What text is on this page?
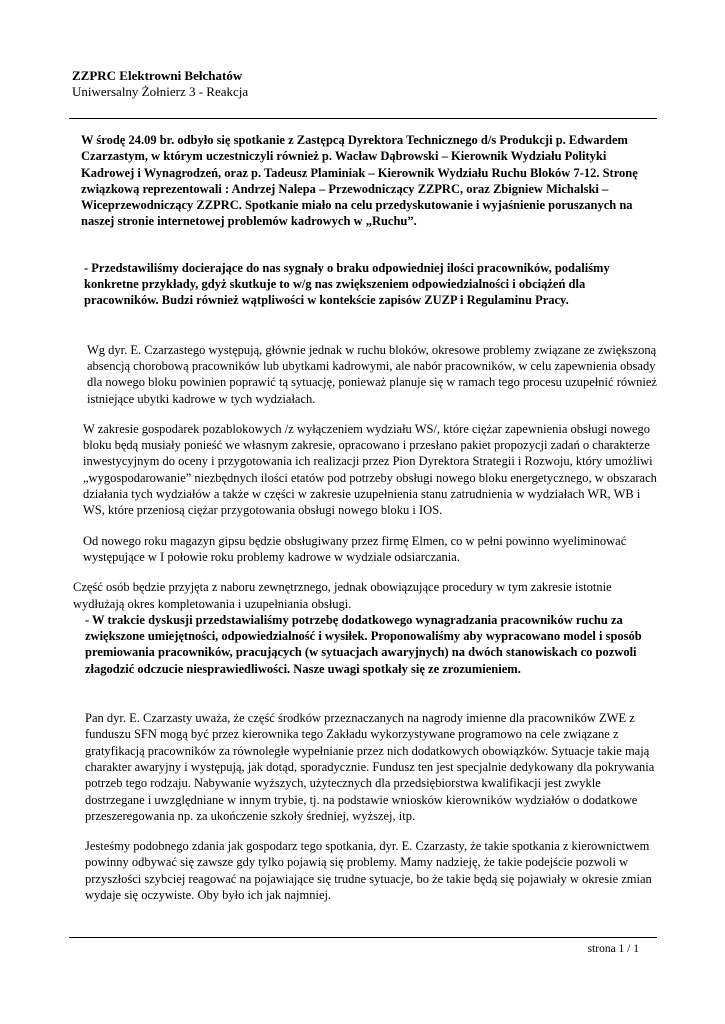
ZZPRC Elektrowni Bełchatów

Uniwersalny Żołnierz 3 - Reakcja

W środę 24.09 br. odbyło się spotkanie z Zastępcą Dyrektora Technicznego d/s Produkcji p. Edwardem Czarzastym, w którym uczestniczyli również p. Wacław Dąbrowski – Kierownik Wydziału Polityki Kadrowej i Wynagrodzeń, oraz p. Tadeusz Plaminiak – Kierownik Wydziału Ruchu Bloków 7-12. Stronę związkową reprezentowali : Andrzej Nalepa – Przewodniczący ZZPRC, oraz Zbigniew Michalski – Wiceprzewodniczący ZZPRC. Spotkanie miało na celu przedyskutowanie i wyjaśnienie poruszanych na naszej stronie internetowej problemów kadrowych w „Ruchu”.

- Przedstawiliśmy docierające do nas sygnały o braku odpowiedniej ilości pracowników, podaliśmy konkretne przykłady, gdyż skutkuje to w/g nas zwiększeniem odpowiedzialności i obciążeń dla pracowników. Budzi również wątpliwości w kontekście zapisów ZUZP i Regulaminu Pracy.

Wg dyr. E. Czarzastego występują, głównie jednak w ruchu bloków, okresowe problemy związane ze zwiększoną absencją chorobową pracowników lub ubytkami kadrowymi, ale nabór pracowników, w celu zapewnienia obsady dla nowego bloku powinien poprawić tą sytuację, ponieważ planuje się w ramach tego procesu uzupełnić również istniejące ubytki kadrowe w tych wydziałach.

W zakresie gospodarek pozablokowych /z wyłączeniem wydziału WS/, które ciężar zapewnienia obsługi nowego bloku będą musiały ponieść we własnym zakresie, opracowano i przesłano pakiet propozycji zadań o charakterze inwestycyjnym do oceny i przygotowania ich realizacji przez Pion Dyrektora Strategii i Rozwoju, który umożliwi „wygospodarowanie” niezbędnych ilości etatów pod potrzeby obsługi nowego bloku energetycznego, w obszarach działania tych wydziałów a także w części w zakresie uzupełnienia stanu zatrudnienia w wydziałach WR, WB i WS, które przeniosą ciężar przygotowania obsługi nowego bloku i IOS.

Od nowego roku magazyn gipsu będzie obsługiwany przez firmę Elmen, co w pełni powinno wyeliminować występujące w I połowie roku problemy kadrowe w wydziale odsiarczania.

Część osób będzie przyjęta z naboru zewnętrznego, jednak obowiązujące procedury w tym zakresie istotnie wydłużają okres kompletowania i uzupełniania obsługi.

- W trakcie dyskusji przedstawialiśmy potrzebę dodatkowego wynagradzania pracowników ruchu za zwiększone umiejętności, odpowiedzialność i wysiłek. Proponowaliśmy aby wypracowano model i sposób premiowania pracowników, pracujących (w sytuacjach awaryjnych) na dwóch stanowiskach co pozwoli złagodzić odczucie niesprawiedliwości. Nasze uwagi spotkały się ze zrozumieniem.

Pan dyr. E. Czarzasty uważa, że część środków przeznaczanych na nagrody imienne dla pracowników ZWE z funduszu SFN mogą być przez kierownika tego Zakładu wykorzystywane programowo na cele związane z gratyfikacją pracowników za równoległe wypełnianie przez nich dodatkowych obowiązków. Sytuacje takie mają charakter awaryjny i występują, jak dotąd, sporadycznie. Fundusz ten jest specjalnie dedykowany dla pokrywania potrzeb tego rodzaju. Nabywanie wyższych, użytecznych dla przedsiębiorstwa kwalifikacji jest zwykle dostrzegane i uwzględniane w innym trybie, tj. na podstawie wniosków kierowników wydziałów o dodatkowe przeszeregowania np. za ukończenie szkoły średniej, wyższej, itp.

Jesteśmy podobnego zdania jak gospodarz tego spotkania, dyr. E. Czarzasty, że takie spotkania z kierownictwem powinny odbywać się zawsze gdy tylko pojawią się problemy. Mamy nadzieję, że takie podejście pozwoli w przyszłości szybciej reagować na pojawiające się trudne sytuacje, bo że takie będą się pojawiały w okresie zmian wydaje się oczywiste. Oby było ich jak najmniej.

strona 1 / 1
